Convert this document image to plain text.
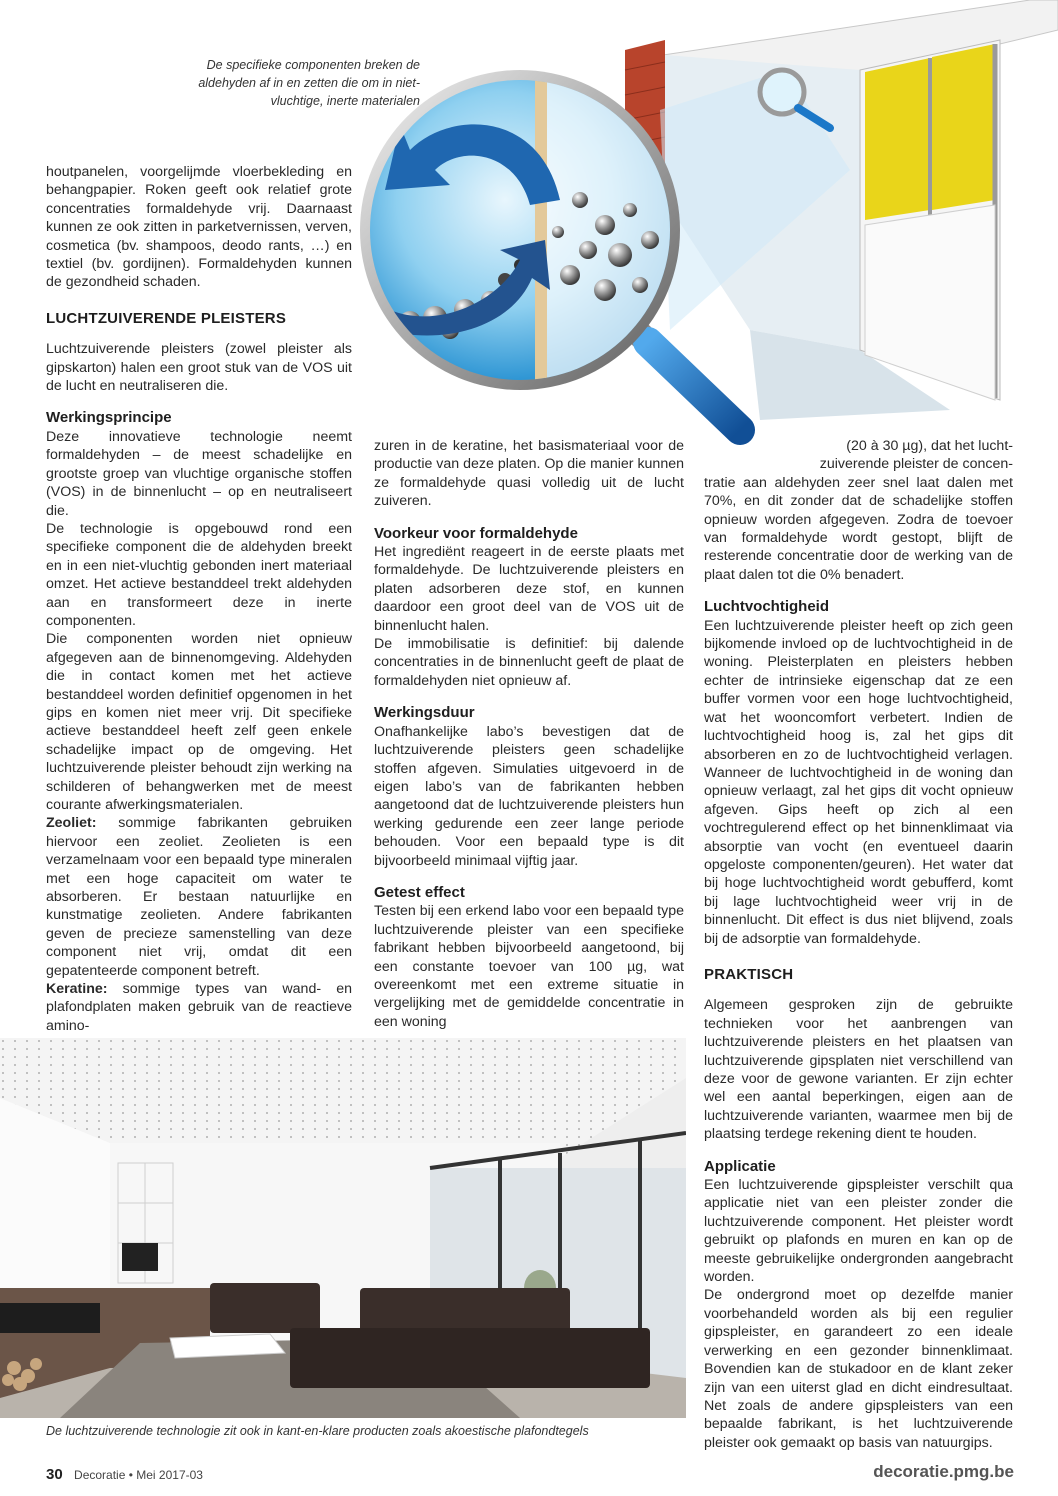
De specifieke componenten breken de aldehyden af in en zetten die om in niet-vluchtige, inerte materialen

houtpanelen, voorgelijmde vloerbekleding en behangpapier. Roken geeft ook relatief grote concentraties formaldehyde vrij. Daarnaast kunnen ze ook zitten in parketvernissen, verven, cosmetica (bv. shampoos, deodo rants, …) en textiel (bv. gordijnen). Formaldehyden kunnen de gezondheid schaden.

LUCHTZUIVERENDE PLEISTERS

Luchtzuiverende pleisters (zowel pleister als gipskarton) halen een groot stuk van de VOS uit de lucht en neutraliseren die.

Werkingsprincipe

Deze innovatieve technologie neemt formaldehyden – de meest schadelijke en grootste groep van vluchtige organische stoffen (VOS) in de binnenlucht – op en neutraliseert die.

De technologie is opgebouwd rond een specifieke component die de aldehyden breekt en in een niet-vluchtig gebonden inert materiaal omzet. Het actieve bestanddeel trekt aldehyden aan en transformeert deze in inerte componenten.

Die componenten worden niet opnieuw afgegeven aan de binnenomgeving. Aldehyden die in contact komen met het actieve bestanddeel worden definitief opgenomen in het gips en komen niet meer vrij. Dit specifieke actieve bestanddeel heeft zelf geen enkele schadelijke impact op de omgeving. Het luchtzuiverende pleister behoudt zijn werking na schilderen of behangwerken met de meest courante afwerkingsmaterialen.

Zeoliet: sommige fabrikanten gebruiken hiervoor een zeoliet. Zeolieten is een verzamelnaam voor een bepaald type mineralen met een hoge capaciteit om water te absorberen. Er bestaan natuurlijke en kunstmatige zeolieten. Andere fabrikanten geven de precieze samenstelling van deze component niet vrij, omdat dit een gepatenteerde component betreft.

Keratine: sommige types van wand- en plafondplaten maken gebruik van de reactieve amino-

zuren in de keratine, het basismateriaal voor de productie van deze platen. Op die manier kunnen ze formaldehyde quasi volledig uit de lucht zuiveren.

Voorkeur voor formaldehyde

Het ingrediënt reageert in de eerste plaats met formaldehyde. De luchtzuiverende pleisters en platen adsorberen deze stof, en kunnen daardoor een groot deel van de VOS uit de binnenlucht halen.

De immobilisatie is definitief: bij dalende concentraties in de binnenlucht geeft de plaat de formaldehyden niet opnieuw af.

Werkingsduur

Onafhankelijke labo’s bevestigen dat de luchtzuiverende pleisters geen schadelijke stoffen afgeven. Simulaties uitgevoerd in de eigen labo’s van de fabrikanten hebben aangetoond dat de luchtzuiverende pleisters hun werking gedurende een zeer lange periode behouden. Voor een bepaald type is dit bijvoorbeeld minimaal vijftig jaar.

Getest effect

Testen bij een erkend labo voor een bepaald type luchtzuiverende pleister van een specifieke fabrikant hebben bijvoorbeeld aangetoond, bij een constante toevoer van 100 µg, wat overeenkomt met een extreme situatie in vergelijking met de gemiddelde concentratie in een woning

(20 à 30 µg), dat het lucht-

zuiverende pleister de concen-

tratie aan aldehyden zeer snel laat dalen met 70%, en dit zonder dat de schadelijke stoffen opnieuw worden afgegeven. Zodra de toevoer van formaldehyde wordt gestopt, blijft de resterende concentratie door de werking van de plaat dalen tot die 0% benadert.

Luchtvochtigheid

Een luchtzuiverende pleister heeft op zich geen bijkomende invloed op de luchtvochtigheid in de woning. Pleisterplaten en pleisters hebben echter de intrinsieke eigenschap dat ze een buffer vormen voor een hoge luchtvochtigheid, wat het wooncomfort verbetert. Indien de luchtvochtigheid hoog is, zal het gips dit absorberen en zo de luchtvochtigheid verlagen. Wanneer de luchtvochtigheid in de woning dan opnieuw verlaagt, zal het gips dit vocht opnieuw afgeven. Gips heeft op zich al een vochtregulerend effect op het binnenklimaat via absorptie van vocht (en eventueel daarin opgeloste componenten/geuren). Het water dat bij hoge luchtvochtigheid wordt gebufferd, komt bij lage luchtvochtigheid weer vrij in de binnenlucht. Dit effect is dus niet blijvend, zoals bij de adsorptie van formaldehyde.

PRAKTISCH

Algemeen gesproken zijn de gebruikte technieken voor het aanbrengen van luchtzuiverende pleisters en het plaatsen van luchtzuiverende gipsplaten niet verschillend van deze voor de gewone varianten. Er zijn echter wel een aantal beperkingen, eigen aan de luchtzuiverende varianten, waarmee men bij de plaatsing terdege rekening dient te houden.

Applicatie

Een luchtzuiverende gipspleister verschilt qua applicatie niet van een pleister zonder die luchtzuiverende component. Het pleister wordt gebruikt op plafonds en muren en kan op de meeste gebruikelijke ondergronden aangebracht worden.

De ondergrond moet op dezelfde manier voorbehandeld worden als bij een regulier gipspleister, en garandeert zo een ideale verwerking en een gezonder binnenklimaat. Bovendien kan de stukadoor en de klant zeker zijn van een uiterst glad en dicht eindresultaat. Net zoals de andere gipspleisters van een bepaalde fabrikant, is het luchtzuiverende pleister ook gemaakt op basis van natuurgips.

De luchtzuiverende technologie zit ook in kant-en-klare producten zoals akoestische plafondtegels
30 Decoratie • Mei 2017-03	decoratie.pmg.be
